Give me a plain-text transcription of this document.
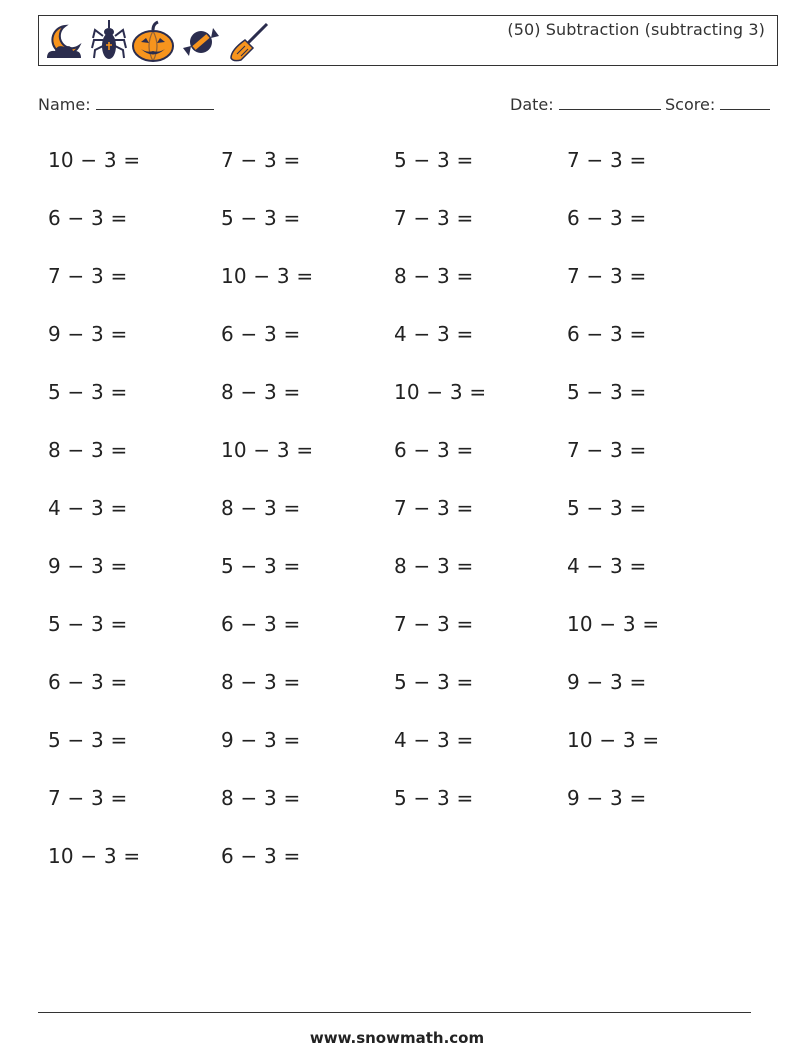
(50) Subtraction (subtracting 3)
Name:	Date:	Score:
10 − 3 =	7 − 3 =	5 − 3 =	7 − 3 =
6 − 3 =	5 − 3 =	7 − 3 =	6 − 3 =
7 − 3 =	10 − 3 =	8 − 3 =	7 − 3 =
9 − 3 =	6 − 3 =	4 − 3 =	6 − 3 =
5 − 3 =	8 − 3 =	10 − 3 =	5 − 3 =
8 − 3 =	10 − 3 =	6 − 3 =	7 − 3 =
4 − 3 =	8 − 3 =	7 − 3 =	5 − 3 =
9 − 3 =	5 − 3 =	8 − 3 =	4 − 3 =
5 − 3 =	6 − 3 =	7 − 3 =	10 − 3 =
6 − 3 =	8 − 3 =	5 − 3 =	9 − 3 =
5 − 3 =	9 − 3 =	4 − 3 =	10 − 3 =
7 − 3 =	8 − 3 =	5 − 3 =	9 − 3 =
10 − 3 =	6 − 3 =
www.snowmath.com
